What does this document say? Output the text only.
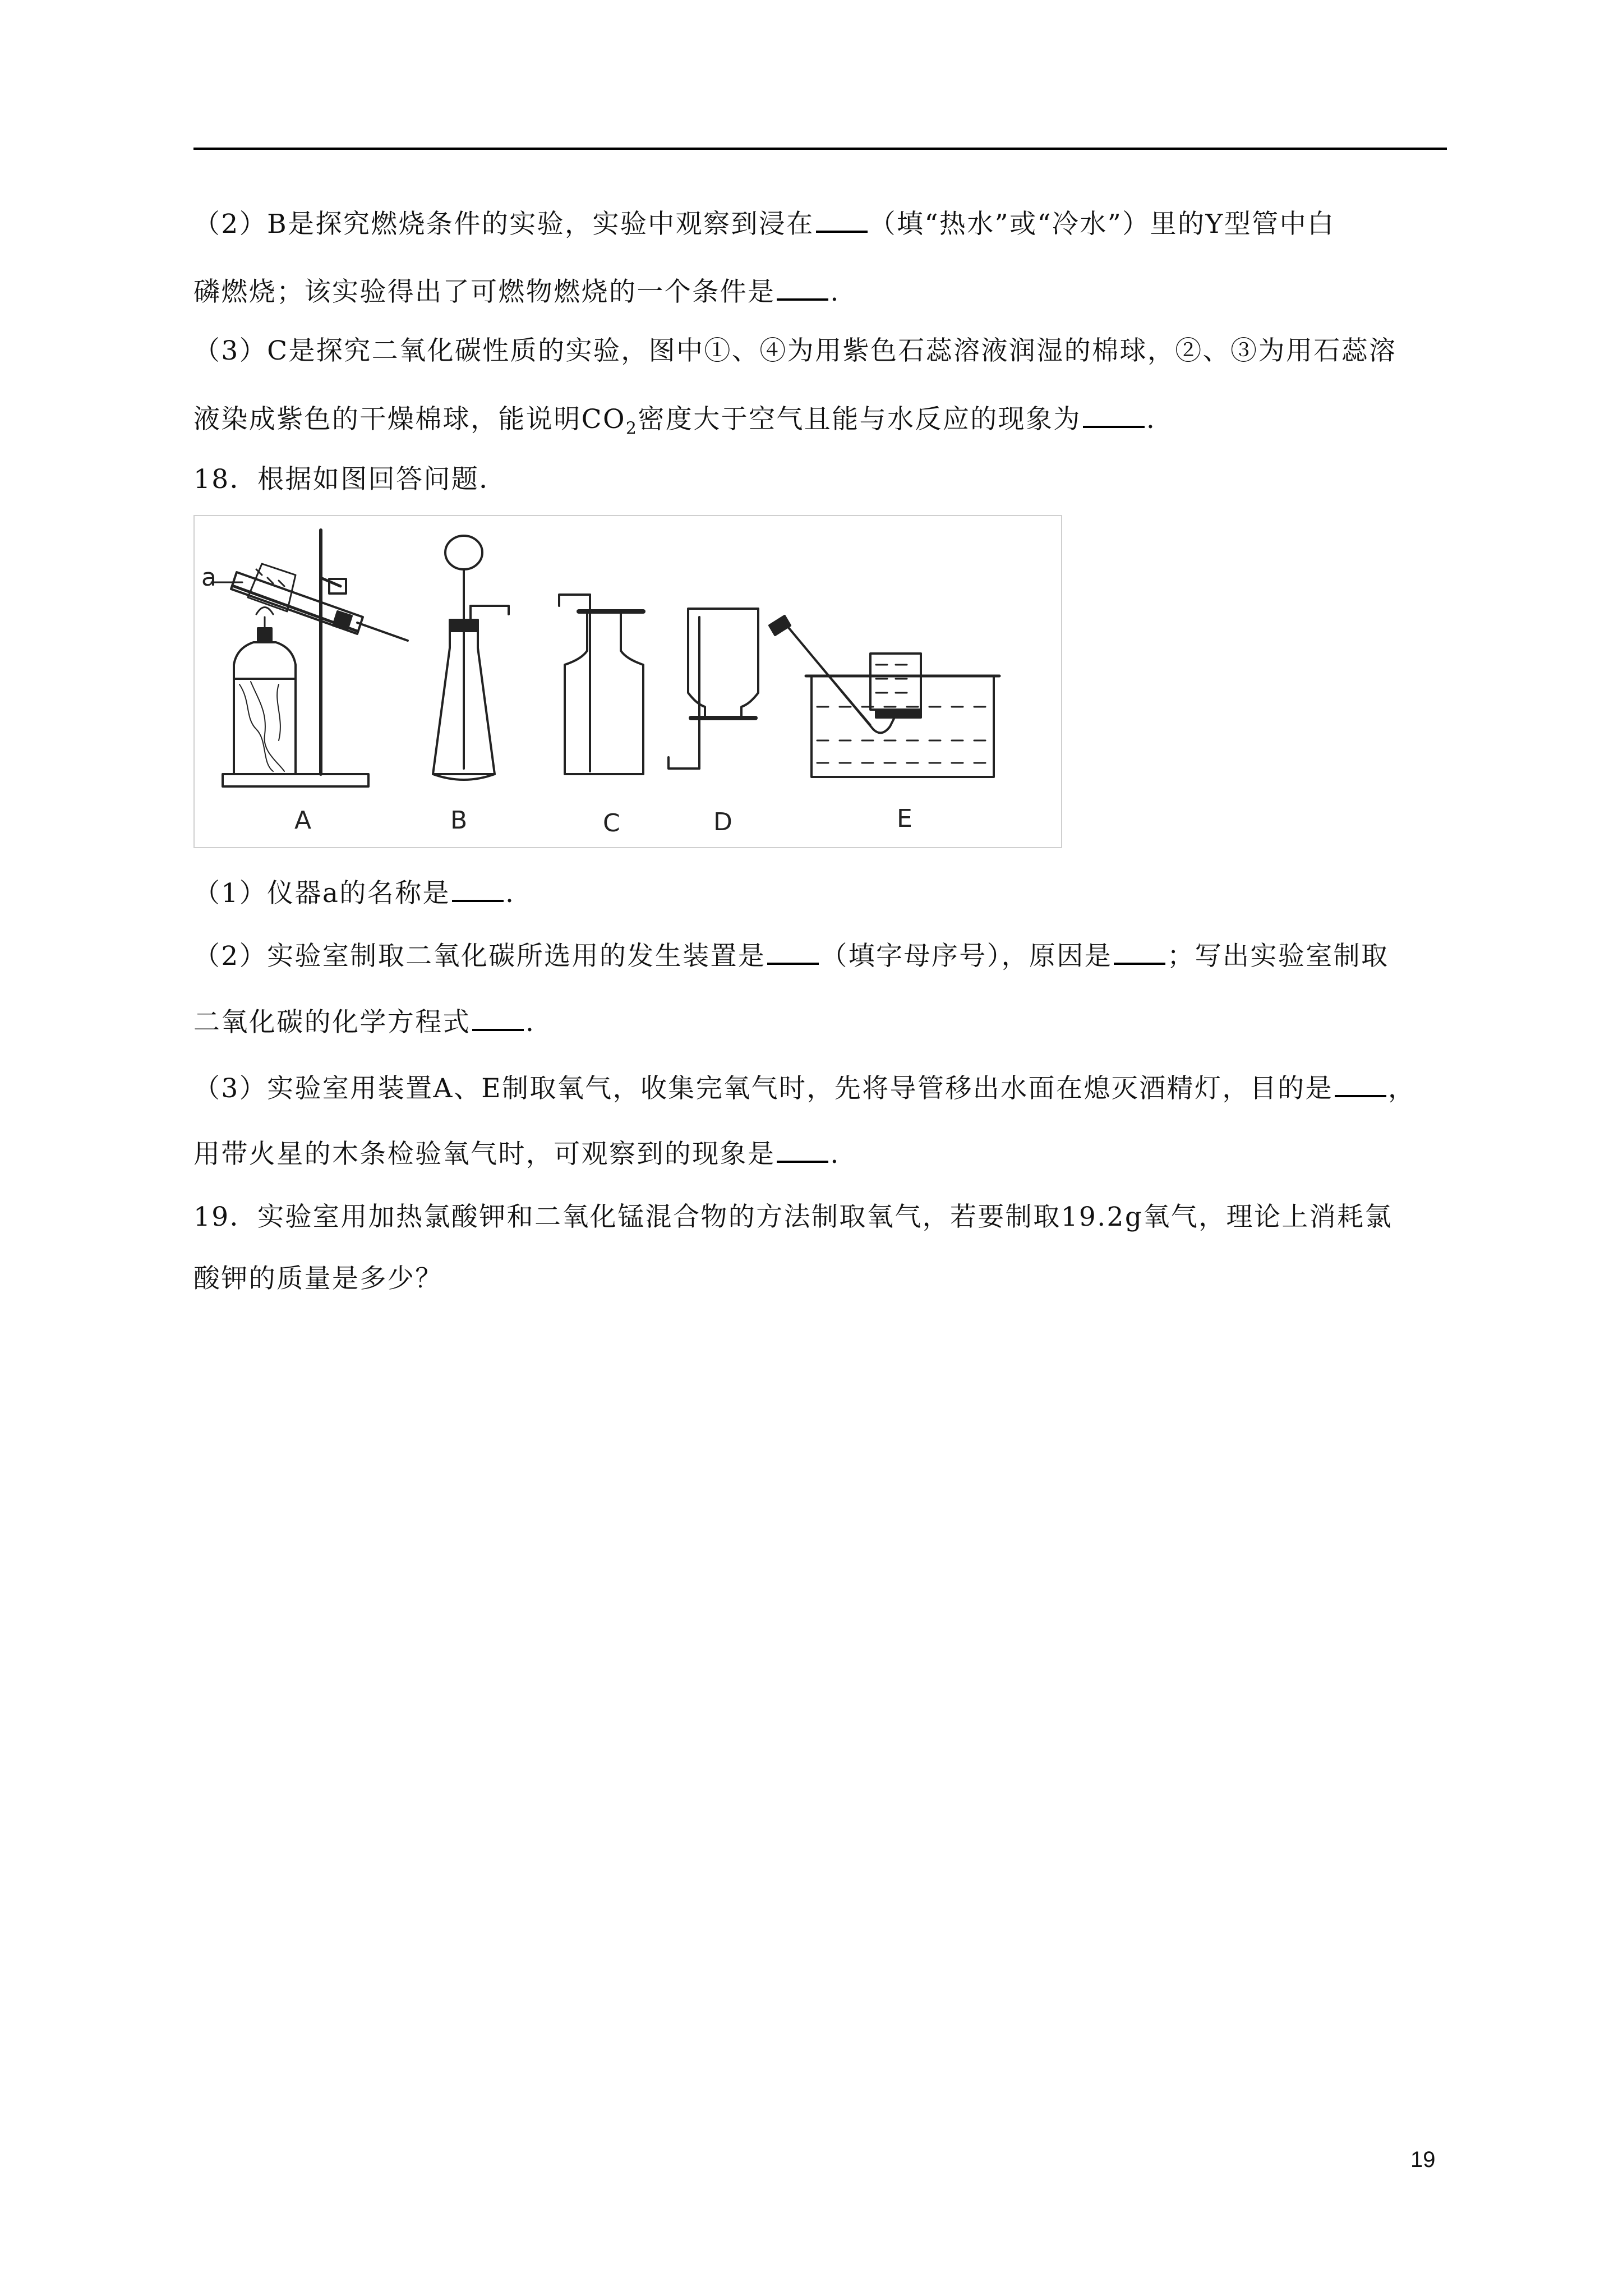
（2）B是探究燃烧条件的实验，实验中观察到浸在 （填“热水”或“冷水”）里的Y型管中白
磷燃烧；该实验得出了可燃物燃烧的一个条件是 .
（3）C是探究二氧化碳性质的实验，图中①、④为用紫色石蕊溶液润湿的棉球，②、③为用石蕊溶
液染成紫色的干燥棉球，能说明$CO_2$密度大于空气且能与水反应的现象为 .
18．根据如图回答问题．
a
A	B	C	D	E
（1）仪器a的名称是 .
（2）实验室制取二氧化碳所选用的发生装置是 （填字母序号），原因是 ；写出实验室制取
二氧化碳的化学方程式 .
（3）实验室用装置A、E制取氧气，收集完氧气时，先将导管移出水面在熄灭酒精灯，目的是 ，
用带火星的木条检验氧气时，可观察到的现象是 .
19．实验室用加热氯酸钾和二氧化锰混合物的方法制取氧气，若要制取19.2g氧气，理论上消耗氯
酸钾的质量是多少？
19
